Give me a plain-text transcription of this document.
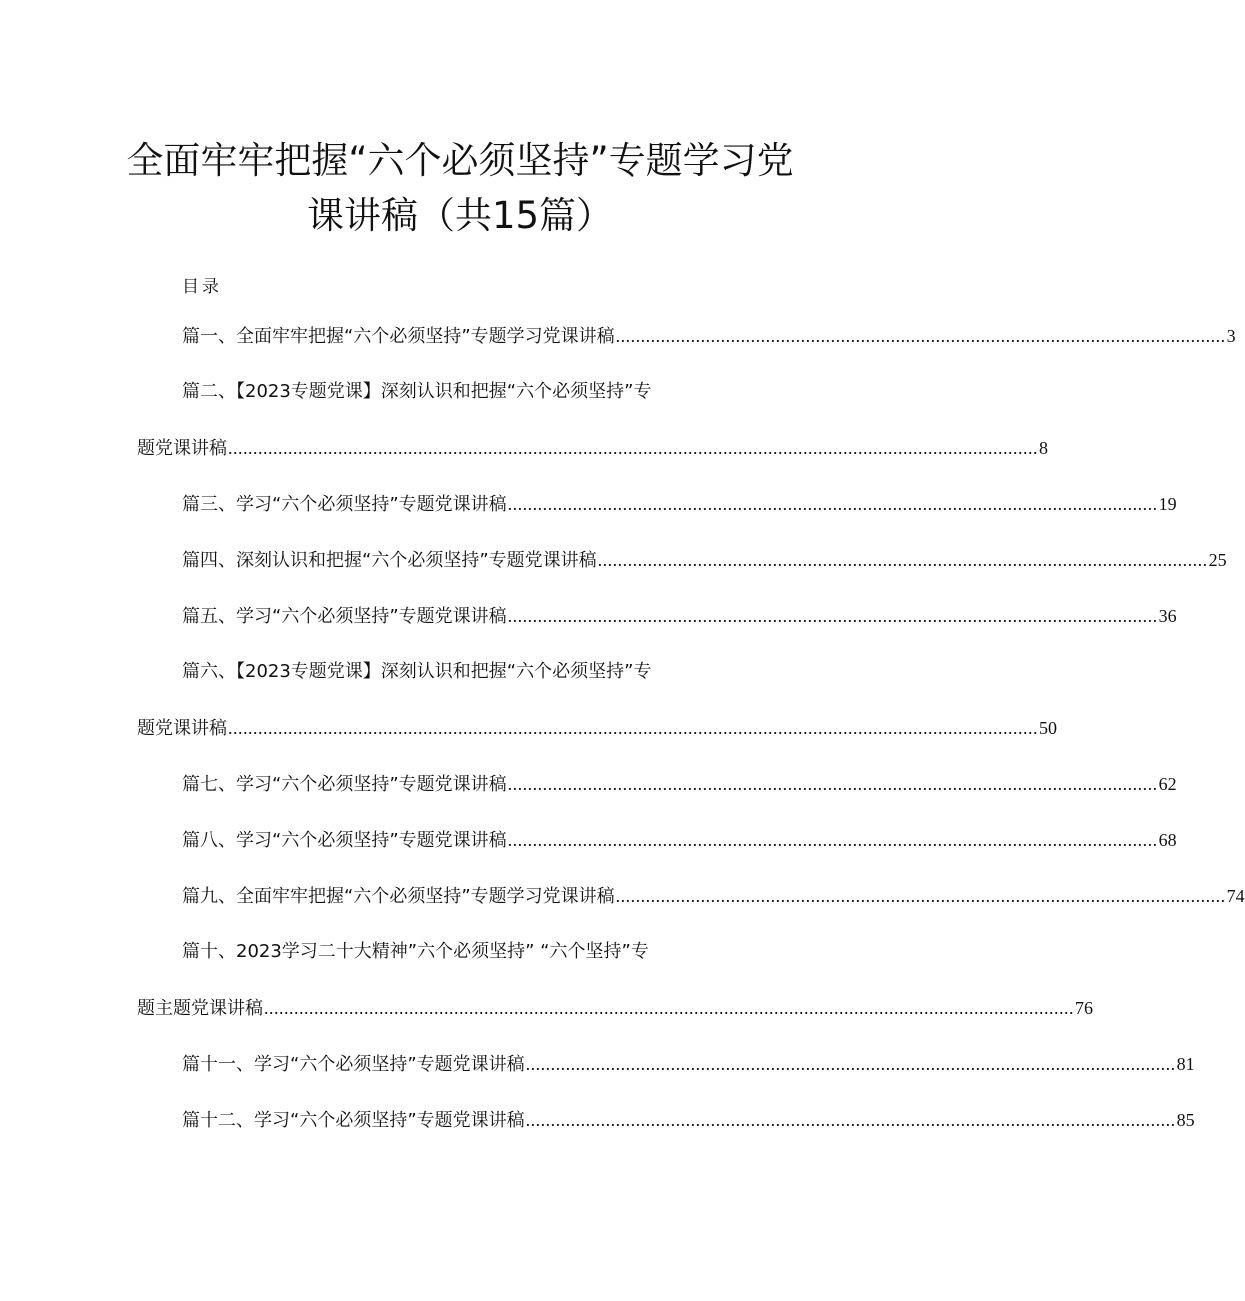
全面牢牢把握“六个必须坚持”专题学习党
课讲稿（共15篇）
目录
篇一、全面牢牢把握“六个必须坚持”专题学习党课讲稿 .......................................................................................................................... 3
篇二、【2023专题党课】深刻认识和把握“六个必须坚持”专
题党课讲稿 .................................................................................................................................................................. 8
篇三、学习“六个必须坚持”专题党课讲稿 .................................................................................................................................. 19
篇四、深刻认识和把握“六个必须坚持”专题党课讲稿 .......................................................................................................................... 25
篇五、学习“六个必须坚持”专题党课讲稿 .................................................................................................................................. 36
篇六、【2023专题党课】深刻认识和把握“六个必须坚持”专
题党课讲稿 .................................................................................................................................................................. 50
篇七、学习“六个必须坚持”专题党课讲稿 .................................................................................................................................. 62
篇八、学习“六个必须坚持”专题党课讲稿 .................................................................................................................................. 68
篇九、全面牢牢把握“六个必须坚持”专题学习党课讲稿 .......................................................................................................................... 74
篇十、2023学习二十大精神”六个必须坚持” “六个坚持”专
题主题党课讲稿 .................................................................................................................................................................. 76
篇十一、学习“六个必须坚持”专题党课讲稿 .................................................................................................................................. 81
篇十二、学习“六个必须坚持”专题党课讲稿 .................................................................................................................................. 85
